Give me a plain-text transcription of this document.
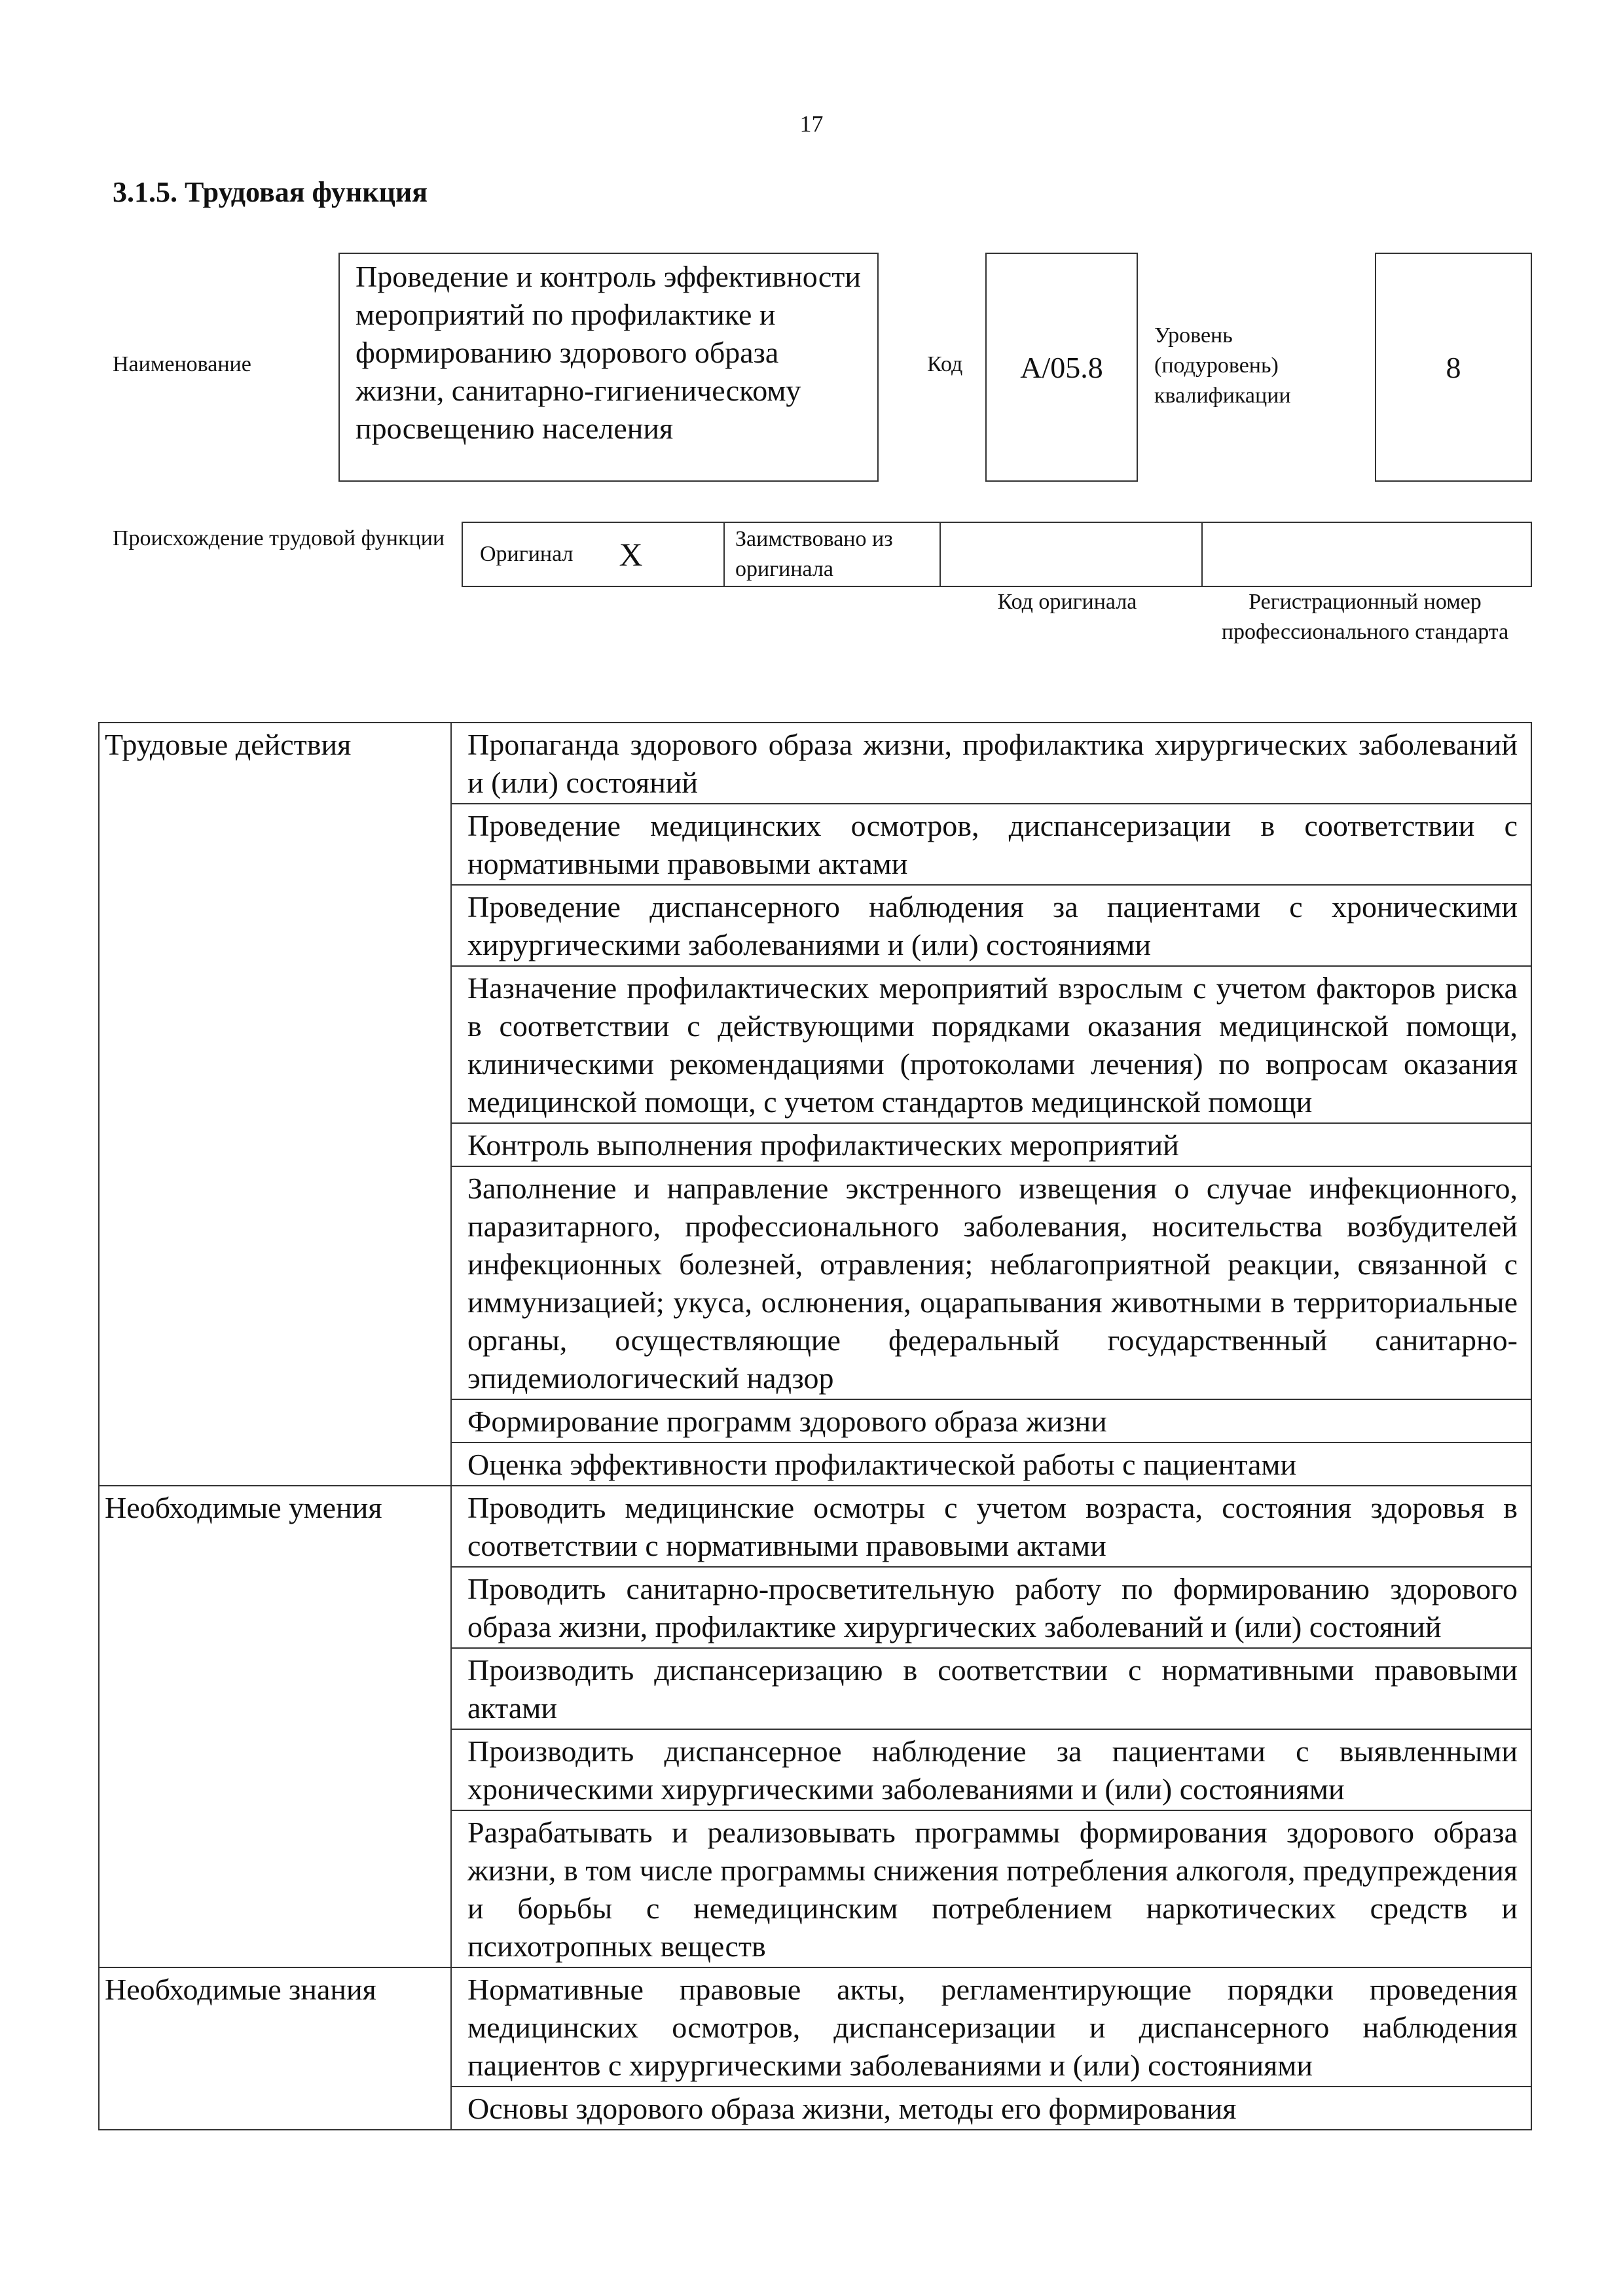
17
3.1.5. Трудовая функция
Наименование
Проведение и контроль эффективности мероприятий по профилактике и формированию здорового образа жизни, санитарно-гигиеническому просвещению населения
Код	А/05.8
Уровень (подуровень) квалификации
8
Происхождение трудовой функции
Оригинал X	Заимствовано из оригинала
Код оригинала	Регистрационный номер профессионального стандарта
Трудовые действия	Пропаганда здорового образа жизни, профилактика хирургических заболеваний и (или) состояний
	Проведение медицинских осмотров, диспансеризации в соответствии с нормативными правовыми актами
	Проведение диспансерного наблюдения за пациентами с хроническими хирургическими заболеваниями и (или) состояниями
	Назначение профилактических мероприятий взрослым с учетом факторов риска в соответствии с действующими порядками оказания медицинской помощи, клиническими рекомендациями (протоколами лечения) по вопросам оказания медицинской помощи, с учетом стандартов медицинской помощи
	Контроль выполнения профилактических мероприятий
	Заполнение и направление экстренного извещения о случае инфекционного, паразитарного, профессионального заболевания, носительства возбудителей инфекционных болезней, отравления; неблагоприятной реакции, связанной с иммунизацией; укуса, ослюнения, оцарапывания животными в территориальные органы, осуществляющие федеральный государственный санитарно-эпидемиологический надзор
	Формирование программ здорового образа жизни
	Оценка эффективности профилактической работы с пациентами
Необходимые умения	Проводить медицинские осмотры с учетом возраста, состояния здоровья в соответствии с нормативными правовыми актами
	Проводить санитарно-просветительную работу по формированию здорового образа жизни, профилактике хирургических заболеваний и (или) состояний
	Производить диспансеризацию в соответствии с нормативными правовыми актами
	Производить диспансерное наблюдение за пациентами с выявленными хроническими хирургическими заболеваниями и (или) состояниями
	Разрабатывать и реализовывать программы формирования здорового образа жизни, в том числе программы снижения потребления алкоголя, предупреждения и борьбы с немедицинским потреблением наркотических средств и психотропных веществ
Необходимые знания	Нормативные правовые акты, регламентирующие порядки проведения медицинских осмотров, диспансеризации и диспансерного наблюдения пациентов с хирургическими заболеваниями и (или) состояниями
	Основы здорового образа жизни, методы его формирования
